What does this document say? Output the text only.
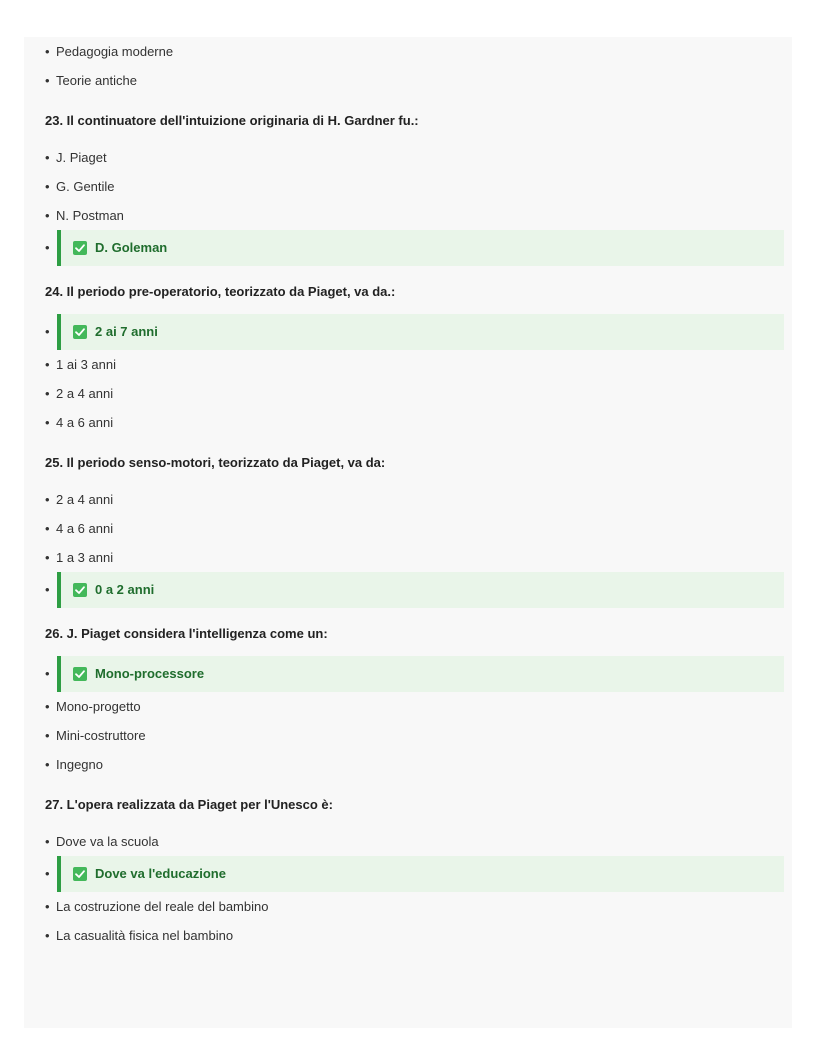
• Pedagogia moderne
• Teorie antiche

23. Il continuatore dell'intuizione originaria di H. Gardner fu.:

• J. Piaget
• G. Gentile
• N. Postman
•	D. Goleman

24. Il periodo pre-operatorio, teorizzato da Piaget, va da.:

•	2 ai 7 anni
• 1 ai 3 anni
• 2 a 4 anni
• 4 a 6 anni

25. Il periodo senso-motori, teorizzato da Piaget, va da:

• 2 a 4 anni
• 4 a 6 anni
• 1 a 3 anni
•	0 a 2 anni

26. J. Piaget considera l'intelligenza come un:

•	Mono-processore
• Mono-progetto
• Mini-costruttore
• Ingegno

27. L'opera realizzata da Piaget per l'Unesco è:

• Dove va la scuola
•	Dove va l'educazione
• La costruzione del reale del bambino
• La casualità fisica nel bambino
